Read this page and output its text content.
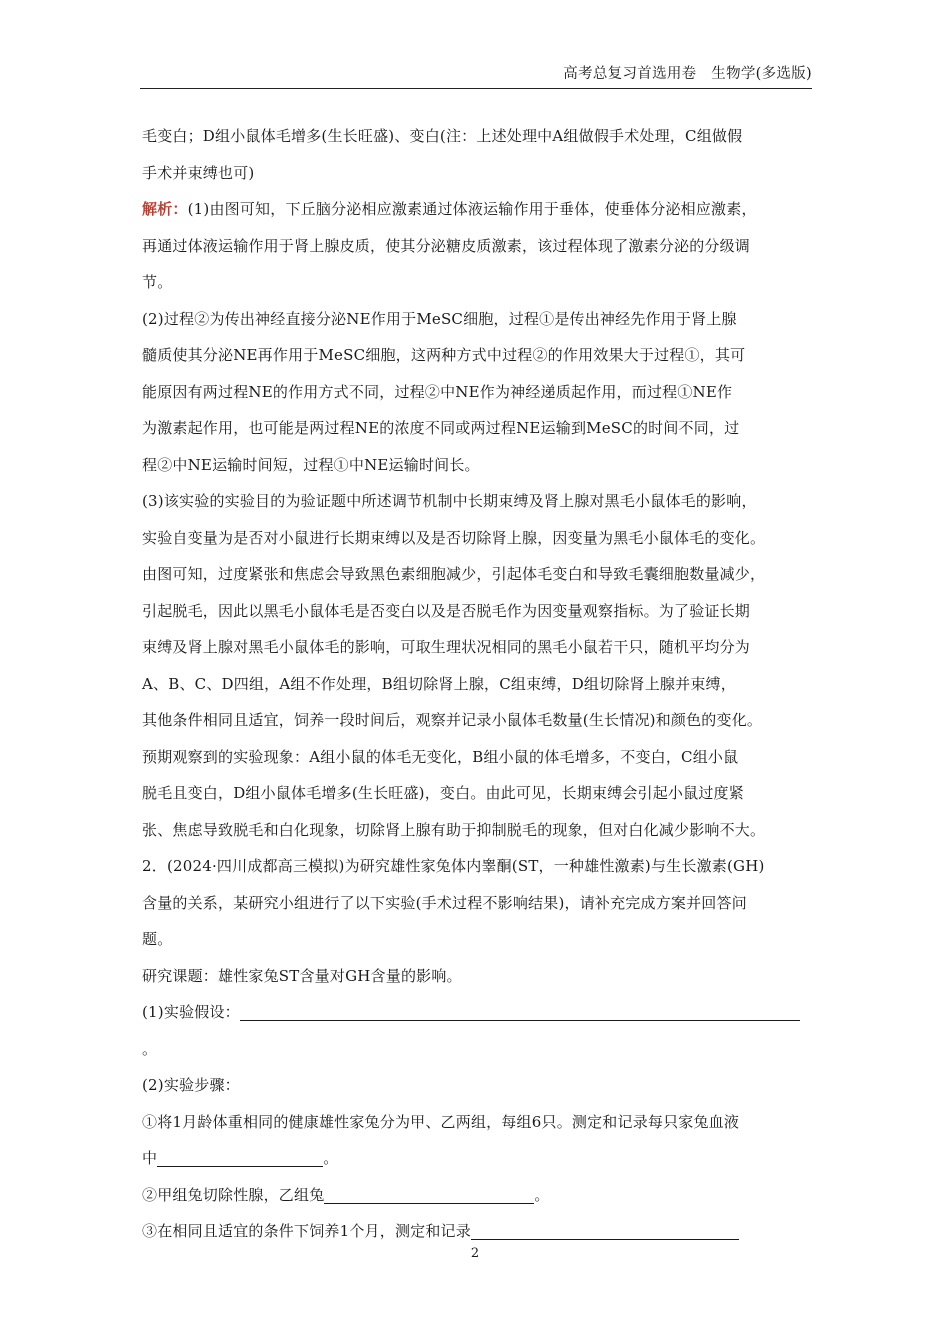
高考总复习首选用卷　生物学(多选版)

毛变白；D组小鼠体毛增多(生长旺盛)、变白(注：上述处理中A组做假手术处理，C组做假

手术并束缚也可)

解析：(1)由图可知，下丘脑分泌相应激素通过体液运输作用于垂体，使垂体分泌相应激素，

再通过体液运输作用于肾上腺皮质，使其分泌糖皮质激素，该过程体现了激素分泌的分级调

节。

(2)过程②为传出神经直接分泌NE作用于MeSC细胞，过程①是传出神经先作用于肾上腺

髓质使其分泌NE再作用于MeSC细胞，这两种方式中过程②的作用效果大于过程①，其可

能原因有两过程NE的作用方式不同，过程②中NE作为神经递质起作用，而过程①NE作

为激素起作用，也可能是两过程NE的浓度不同或两过程NE运输到MeSC的时间不同，过

程②中NE运输时间短，过程①中NE运输时间长。

(3)该实验的实验目的为验证题中所述调节机制中长期束缚及肾上腺对黑毛小鼠体毛的影响，

实验自变量为是否对小鼠进行长期束缚以及是否切除肾上腺，因变量为黑毛小鼠体毛的变化。

由图可知，过度紧张和焦虑会导致黑色素细胞减少，引起体毛变白和导致毛囊细胞数量减少，

引起脱毛，因此以黑毛小鼠体毛是否变白以及是否脱毛作为因变量观察指标。为了验证长期

束缚及肾上腺对黑毛小鼠体毛的影响，可取生理状况相同的黑毛小鼠若干只，随机平均分为

A、B、C、D四组，A组不作处理，B组切除肾上腺，C组束缚，D组切除肾上腺并束缚，

其他条件相同且适宜，饲养一段时间后，观察并记录小鼠体毛数量(生长情况)和颜色的变化。

预期观察到的实验现象：A组小鼠的体毛无变化，B组小鼠的体毛增多，不变白，C组小鼠

脱毛且变白，D组小鼠体毛增多(生长旺盛)，变白。由此可见，长期束缚会引起小鼠过度紧

张、焦虑导致脱毛和白化现象，切除肾上腺有助于抑制脱毛的现象，但对白化减少影响不大。

2．(2024·四川成都高三模拟)为研究雄性家兔体内睾酮(ST，一种雄性激素)与生长激素(GH)

含量的关系，某研究小组进行了以下实验(手术过程不影响结果)，请补充完成方案并回答问

题。

研究课题：雄性家兔ST含量对GH含量的影响。

(1)实验假设：。

(2)实验步骤：

①将1月龄体重相同的健康雄性家兔分为甲、乙两组，每组6只。测定和记录每只家兔血液

中	。

②甲组兔切除性腺，乙组兔	。

③在相同且适宜的条件下饲养1个月，测定和记录

2
